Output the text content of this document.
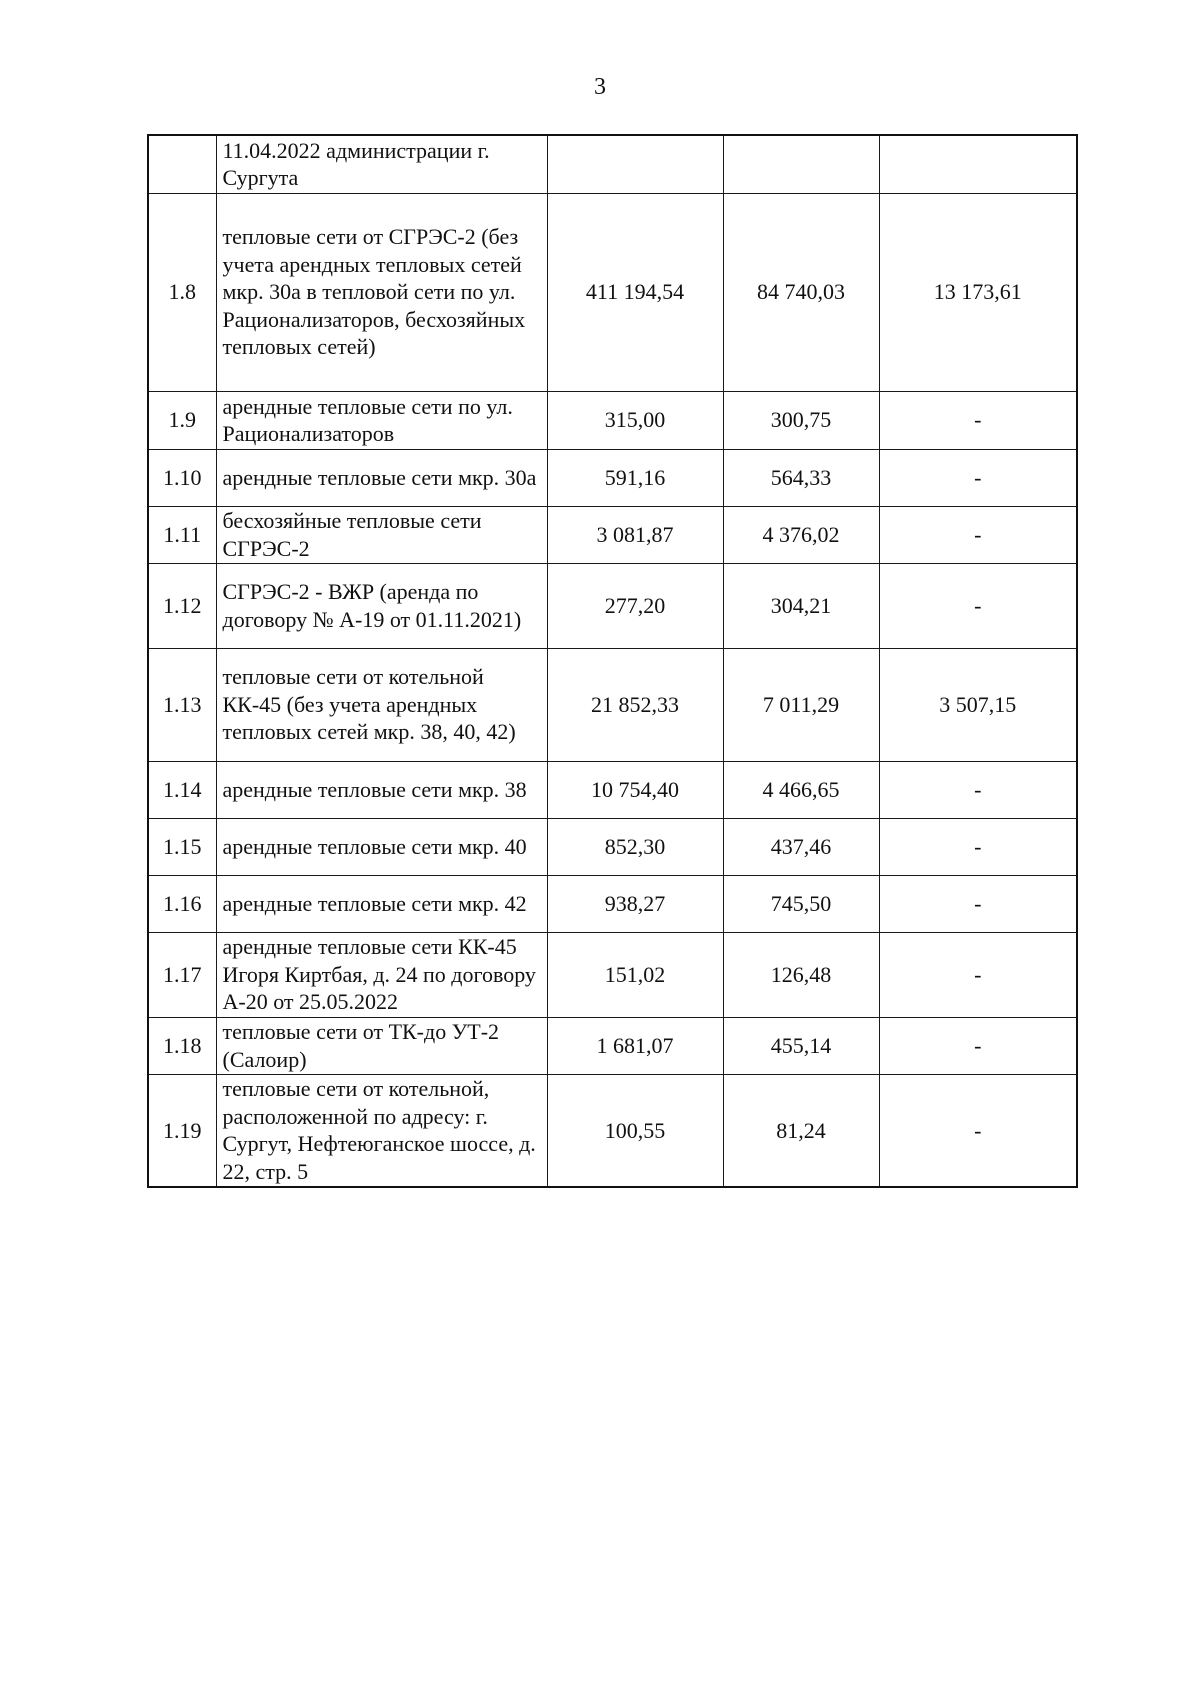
3
	11.04.2022 администрации г. Сургута			
1.8	тепловые сети от СГРЭС-2 (без учета арендных тепловых сетей мкр. 30а в тепловой сети по ул. Рационализаторов, бесхозяйных тепловых сетей)	411 194,54	84 740,03	13 173,61
1.9	арендные тепловые сети по ул. Рационализаторов	315,00	300,75	-
1.10	арендные тепловые сети мкр. 30а	591,16	564,33	-
1.11	бесхозяйные тепловые сети СГРЭС-2	3 081,87	4 376,02	-
1.12	СГРЭС-2 - ВЖР (аренда по договору № А-19 от 01.11.2021)	277,20	304,21	-
1.13	тепловые сети от котельной КК-45 (без учета арендных тепловых сетей мкр. 38, 40, 42)	21 852,33	7 011,29	3 507,15
1.14	арендные тепловые сети мкр. 38	10 754,40	4 466,65	-
1.15	арендные тепловые сети мкр. 40	852,30	437,46	-
1.16	арендные тепловые сети мкр. 42	938,27	745,50	-
1.17	арендные тепловые сети КК-45 Игоря Киртбая, д. 24 по договору А-20 от 25.05.2022	151,02	126,48	-
1.18	тепловые сети от ТК-до УТ-2 (Салоир)	1 681,07	455,14	-
1.19	тепловые сети от котельной, расположенной по адресу: г. Сургут, Нефтеюганское шоссе, д. 22, стр. 5	100,55	81,24	-
